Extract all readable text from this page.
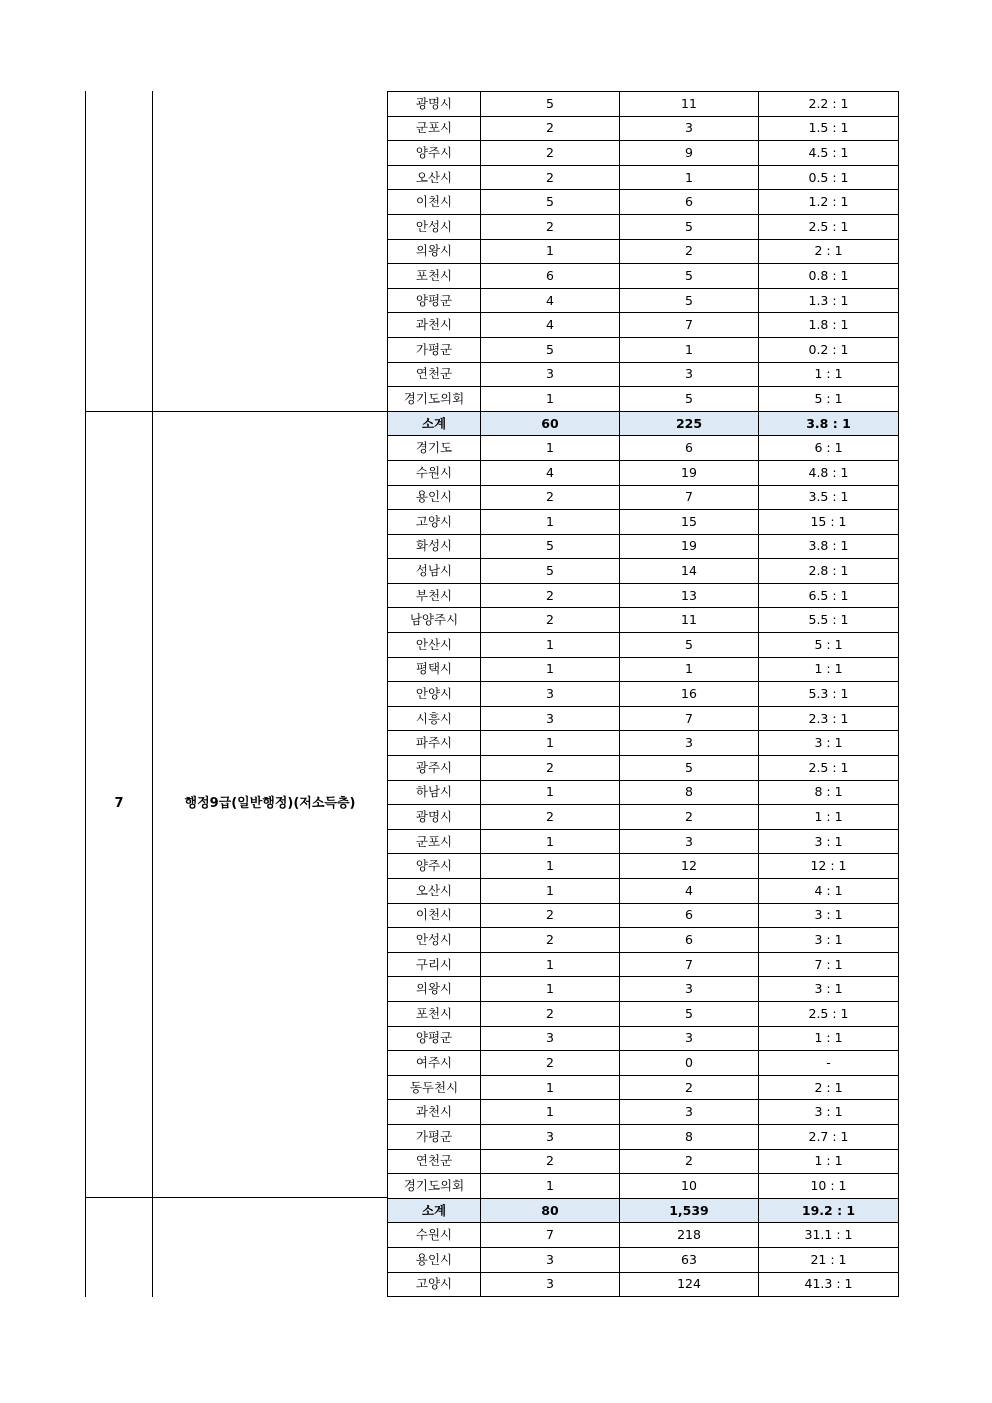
7	행정9급(일반행정)(저소득층)
광명시	5	11	2.2 : 1
군포시	2	3	1.5 : 1
양주시	2	9	4.5 : 1
오산시	2	1	0.5 : 1
이천시	5	6	1.2 : 1
안성시	2	5	2.5 : 1
의왕시	1	2	2 : 1
포천시	6	5	0.8 : 1
양평군	4	5	1.3 : 1
과천시	4	7	1.8 : 1
가평군	5	1	0.2 : 1
연천군	3	3	1 : 1
경기도의회	1	5	5 : 1
소계	60	225	3.8 : 1
경기도	1	6	6 : 1
수원시	4	19	4.8 : 1
용인시	2	7	3.5 : 1
고양시	1	15	15 : 1
화성시	5	19	3.8 : 1
성남시	5	14	2.8 : 1
부천시	2	13	6.5 : 1
남양주시	2	11	5.5 : 1
안산시	1	5	5 : 1
평택시	1	1	1 : 1
안양시	3	16	5.3 : 1
시흥시	3	7	2.3 : 1
파주시	1	3	3 : 1
광주시	2	5	2.5 : 1
하남시	1	8	8 : 1
광명시	2	2	1 : 1
군포시	1	3	3 : 1
양주시	1	12	12 : 1
오산시	1	4	4 : 1
이천시	2	6	3 : 1
안성시	2	6	3 : 1
구리시	1	7	7 : 1
의왕시	1	3	3 : 1
포천시	2	5	2.5 : 1
양평군	3	3	1 : 1
여주시	2	0	-
동두천시	1	2	2 : 1
과천시	1	3	3 : 1
가평군	3	8	2.7 : 1
연천군	2	2	1 : 1
경기도의회	1	10	10 : 1
소계	80	1,539	19.2 : 1
수원시	7	218	31.1 : 1
용인시	3	63	21 : 1
고양시	3	124	41.3 : 1
